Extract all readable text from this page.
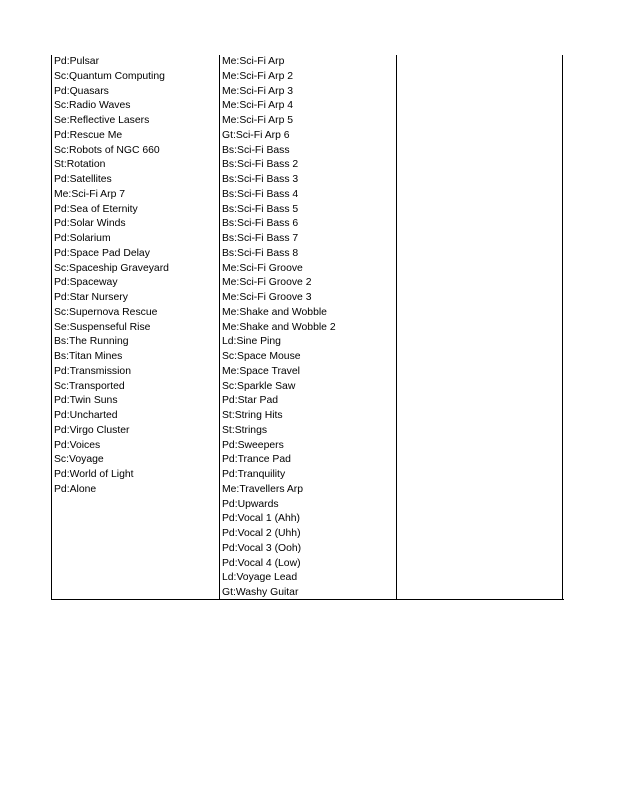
Pd:Pulsar
Sc:Quantum Computing
Pd:Quasars
Sc:Radio Waves
Se:Reflective Lasers
Pd:Rescue Me
Sc:Robots of NGC 660
St:Rotation
Pd:Satellites
Me:Sci-Fi Arp 7
Pd:Sea of Eternity
Pd:Solar Winds
Pd:Solarium
Pd:Space Pad Delay
Sc:Spaceship Graveyard
Pd:Spaceway
Pd:Star Nursery
Sc:Supernova Rescue
Se:Suspenseful Rise
Bs:The Running
Bs:Titan Mines
Pd:Transmission
Sc:Transported
Pd:Twin Suns
Pd:Uncharted
Pd:Virgo Cluster
Pd:Voices
Sc:Voyage
Pd:World of Light
Pd:Alone
Me:Sci-Fi Arp
Me:Sci-Fi Arp 2
Me:Sci-Fi Arp 3
Me:Sci-Fi Arp 4
Me:Sci-Fi Arp 5
Gt:Sci-Fi Arp 6
Bs:Sci-Fi Bass
Bs:Sci-Fi Bass 2
Bs:Sci-Fi Bass 3
Bs:Sci-Fi Bass 4
Bs:Sci-Fi Bass 5
Bs:Sci-Fi Bass 6
Bs:Sci-Fi Bass 7
Bs:Sci-Fi Bass 8
Me:Sci-Fi Groove
Me:Sci-Fi Groove 2
Me:Sci-Fi Groove 3
Me:Shake and Wobble
Me:Shake and Wobble 2
Ld:Sine Ping
Sc:Space Mouse
Me:Space Travel
Sc:Sparkle Saw
Pd:Star Pad
St:String Hits
St:Strings
Pd:Sweepers
Pd:Trance Pad
Pd:Tranquility
Me:Travellers Arp
Pd:Upwards
Pd:Vocal 1 (Ahh)
Pd:Vocal 2 (Uhh)
Pd:Vocal 3 (Ooh)
Pd:Vocal 4 (Low)
Ld:Voyage Lead
Gt:Washy Guitar
